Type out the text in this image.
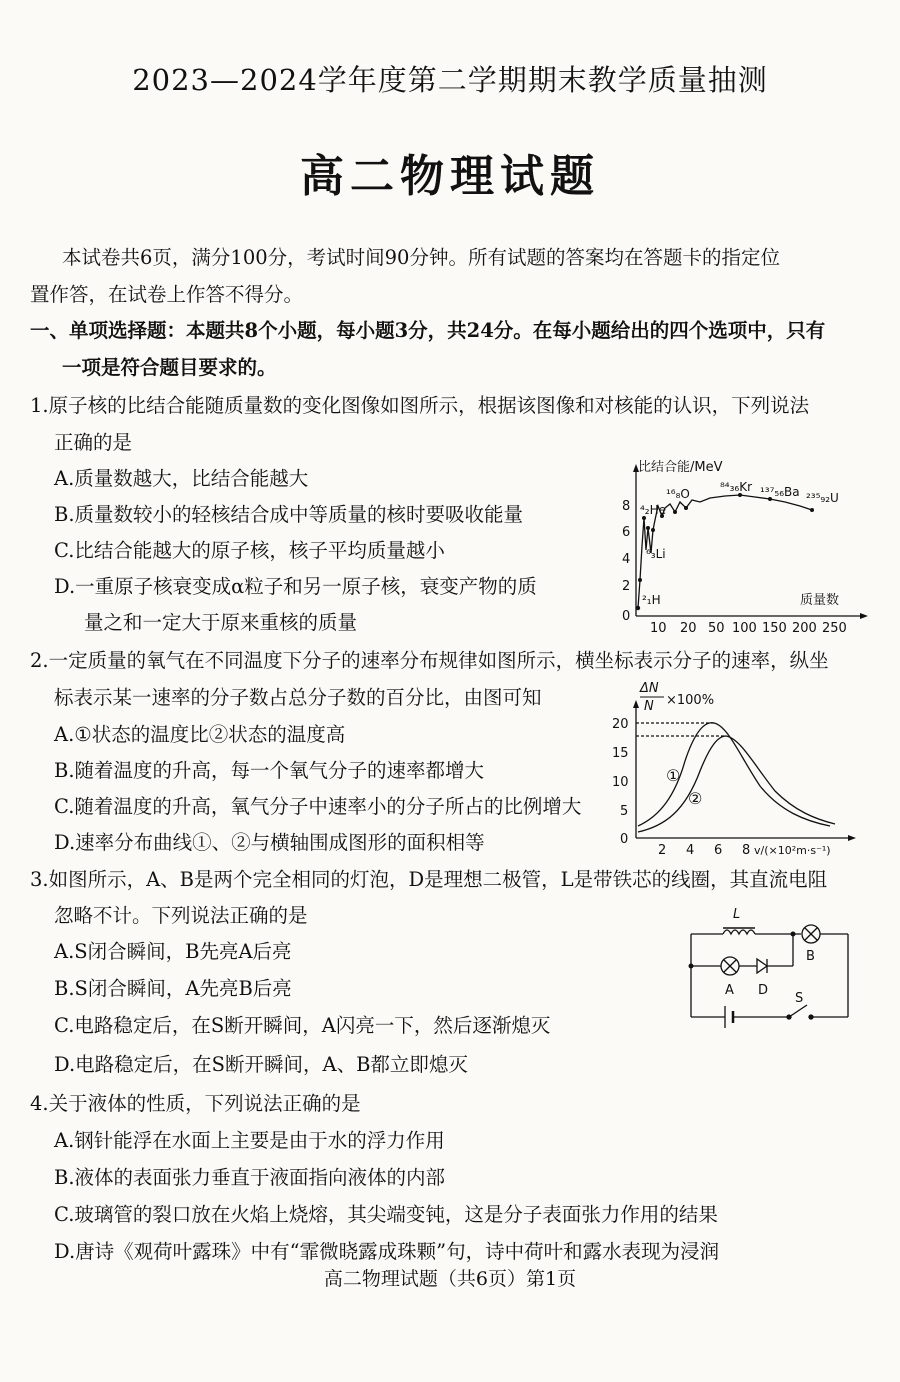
2023—2024学年度第二学期期末教学质量抽测
高二物理试题
本试卷共6页，满分100分，考试时间90分钟。所有试题的答案均在答题卡的指定位
置作答，在试卷上作答不得分。
一、单项选择题：本题共8个小题，每小题3分，共24分。在每小题给出的四个选项中，只有
一项是符合题目要求的。
1.原子核的比结合能随质量数的变化图像如图所示，根据该图像和对核能的认识，下列说法
正确的是
A.质量数越大，比结合能越大
B.质量数较小的轻核结合成中等质量的核时要吸收能量
C.比结合能越大的原子核，核子平均质量越小
D.一重原子核衰变成α粒子和另一原子核，衰变产物的质
量之和一定大于原来重核的质量
比结合能/MeV
质量数
0
2
4
6
8
10 20 50 100 150 200 250
⁴₂He
¹⁶₈O	⁸⁴₃₆Kr ¹³⁷₅₆Ba ²³⁵₉₂U
⁶₃Li
²₁H
2.一定质量的氧气在不同温度下分子的速率分布规律如图所示，横坐标表示分子的速率，纵坐
标表示某一速率的分子数占总分子数的百分比，由图可知
A.①状态的温度比②状态的温度高
B.随着温度的升高，每一个氧气分子的速率都增大
C.随着温度的升高，氧气分子中速率小的分子所占的比例增大
D.速率分布曲线①、②与横轴围成图形的面积相等
ΔN
N ×100%
0
5
10
15
20
2 4 6 8 v/(×10²m·s⁻¹)
①
②
3.如图所示，A、B是两个完全相同的灯泡，D是理想二极管，L是带铁芯的线圈，其直流电阻
忽略不计。下列说法正确的是
A.S闭合瞬间，B先亮A后亮
B.S闭合瞬间，A先亮B后亮
C.电路稳定后，在S断开瞬间，A闪亮一下，然后逐渐熄灭
D.电路稳定后，在S断开瞬间，A、B都立即熄灭
L
A D
B
S
4.关于液体的性质，下列说法正确的是
A.钢针能浮在水面上主要是由于水的浮力作用
B.液体的表面张力垂直于液面指向液体的内部
C.玻璃管的裂口放在火焰上烧熔，其尖端变钝，这是分子表面张力作用的结果
D.唐诗《观荷叶露珠》中有“霏微晓露成珠颗”句，诗中荷叶和露水表现为浸润
高二物理试题（共6页）第1页
